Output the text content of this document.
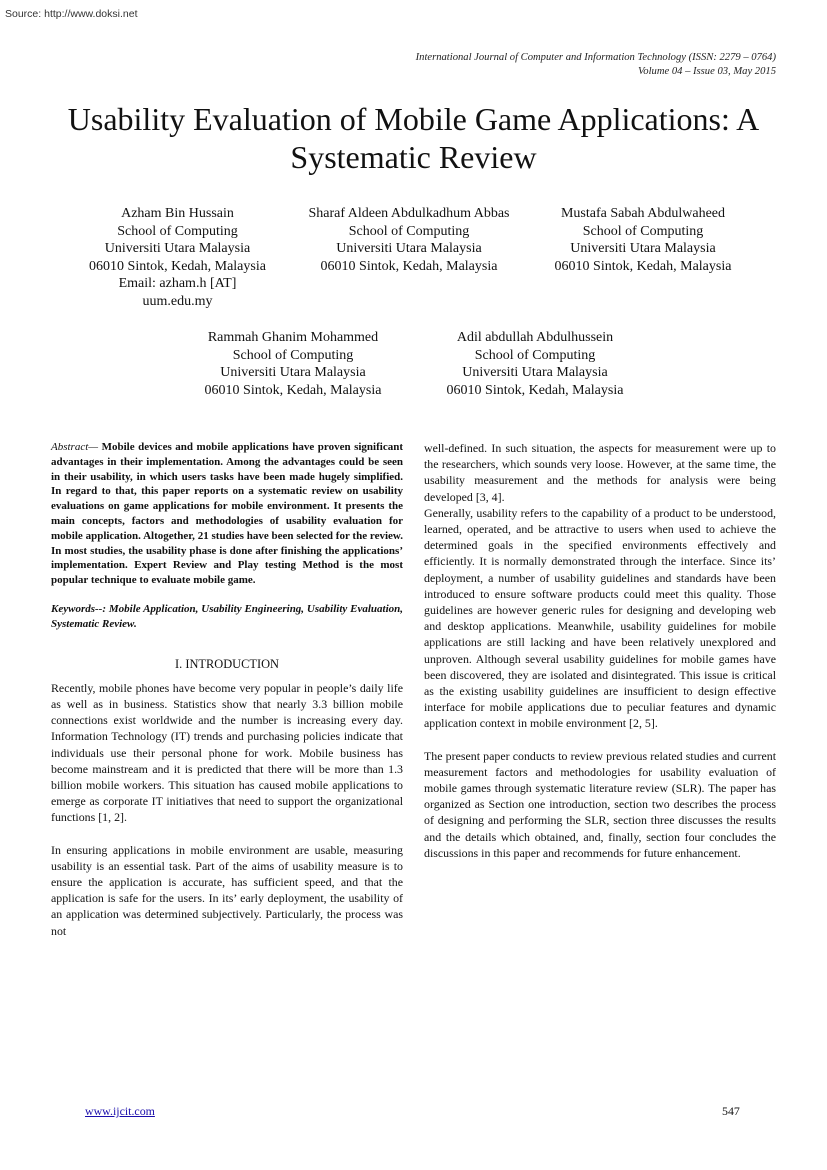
Source: http://www.doksi.net
International Journal of Computer and Information Technology (ISSN: 2279 – 0764)
Volume 04 – Issue 03, May 2015
Usability Evaluation of Mobile Game Applications: A
Systematic Review
Azham Bin Hussain
School of Computing
Universiti Utara Malaysia
06010 Sintok, Kedah, Malaysia
Email: azham.h [AT]
uum.edu.my
Sharaf Aldeen Abdulkadhum Abbas
School of Computing
Universiti Utara Malaysia
06010 Sintok, Kedah, Malaysia
Mustafa Sabah Abdulwaheed
School of Computing
Universiti Utara Malaysia
06010 Sintok, Kedah, Malaysia
Rammah Ghanim Mohammed
School of Computing
Universiti Utara Malaysia
06010 Sintok, Kedah, Malaysia
Adil abdullah Abdulhussein
School of Computing
Universiti Utara Malaysia
06010 Sintok, Kedah, Malaysia

Abstract— Mobile devices and mobile applications have proven significant advantages in their implementation. Among the advantages could be seen in their usability, in which users tasks have been made hugely simplified. In regard to that, this paper reports on a systematic review on usability evaluations on game applications for mobile environment. It presents the main concepts, factors and methodologies of usability evaluation for mobile application. Altogether, 21 studies have been selected for the review. In most studies, the usability phase is done after finishing the applications’ implementation. Expert Review and Play testing Method is the most popular technique to evaluate mobile game.

Keywords--: Mobile Application, Usability Engineering, Usability Evaluation, Systematic Review.

I. INTRODUCTION

Recently, mobile phones have become very popular in people’s daily life as well as in business. Statistics show that nearly 3.3 billion mobile connections exist worldwide and the number is increasing every day. Information Technology (IT) trends and purchasing policies indicate that individuals use their personal phone for work. Mobile business has become mainstream and it is predicted that there will be more than 1.3 billion mobile workers. This situation has caused mobile applications to emerge as corporate IT initiatives that need to support the organizational functions [1, 2].

In ensuring applications in mobile environment are usable, measuring usability is an essential task. Part of the aims of usability measure is to ensure the application is accurate, has sufficient speed, and that the application is safe for the users. In its’ early deployment, the usability of an application was determined subjectively. Particularly, the process was not

well-defined. In such situation, the aspects for measurement were up to the researchers, which sounds very loose. However, at the same time, the usability measurement and the methods for analysis were being developed [3, 4].

Generally, usability refers to the capability of a product to be understood, learned, operated, and be attractive to users when used to achieve the determined goals in the specified environments effectively and efficiently. It is normally demonstrated through the interface. Since its’ deployment, a number of usability guidelines and standards have been introduced to ensure software products could meet this quality. Those guidelines are however generic rules for designing and developing web and desktop applications. Meanwhile, usability guidelines for mobile applications are still lacking and have been relatively unexplored and unproven. Although several usability guidelines for mobile games have been discovered, they are isolated and disintegrated. This issue is critical as the existing usability guidelines are insufficient to design effective interface for mobile applications due to peculiar features and dynamic application context in mobile environment [2, 5].

The present paper conducts to review previous related studies and current measurement factors and methodologies for usability evaluation of mobile games through systematic literature review (SLR). The paper has organized as Section one introduction, section two describes the process of designing and performing the SLR, section three discusses the results and the details which obtained, and, finally, section four concludes the discussions in this paper and recommends for future enhancement.

www.ijcit.com	547
